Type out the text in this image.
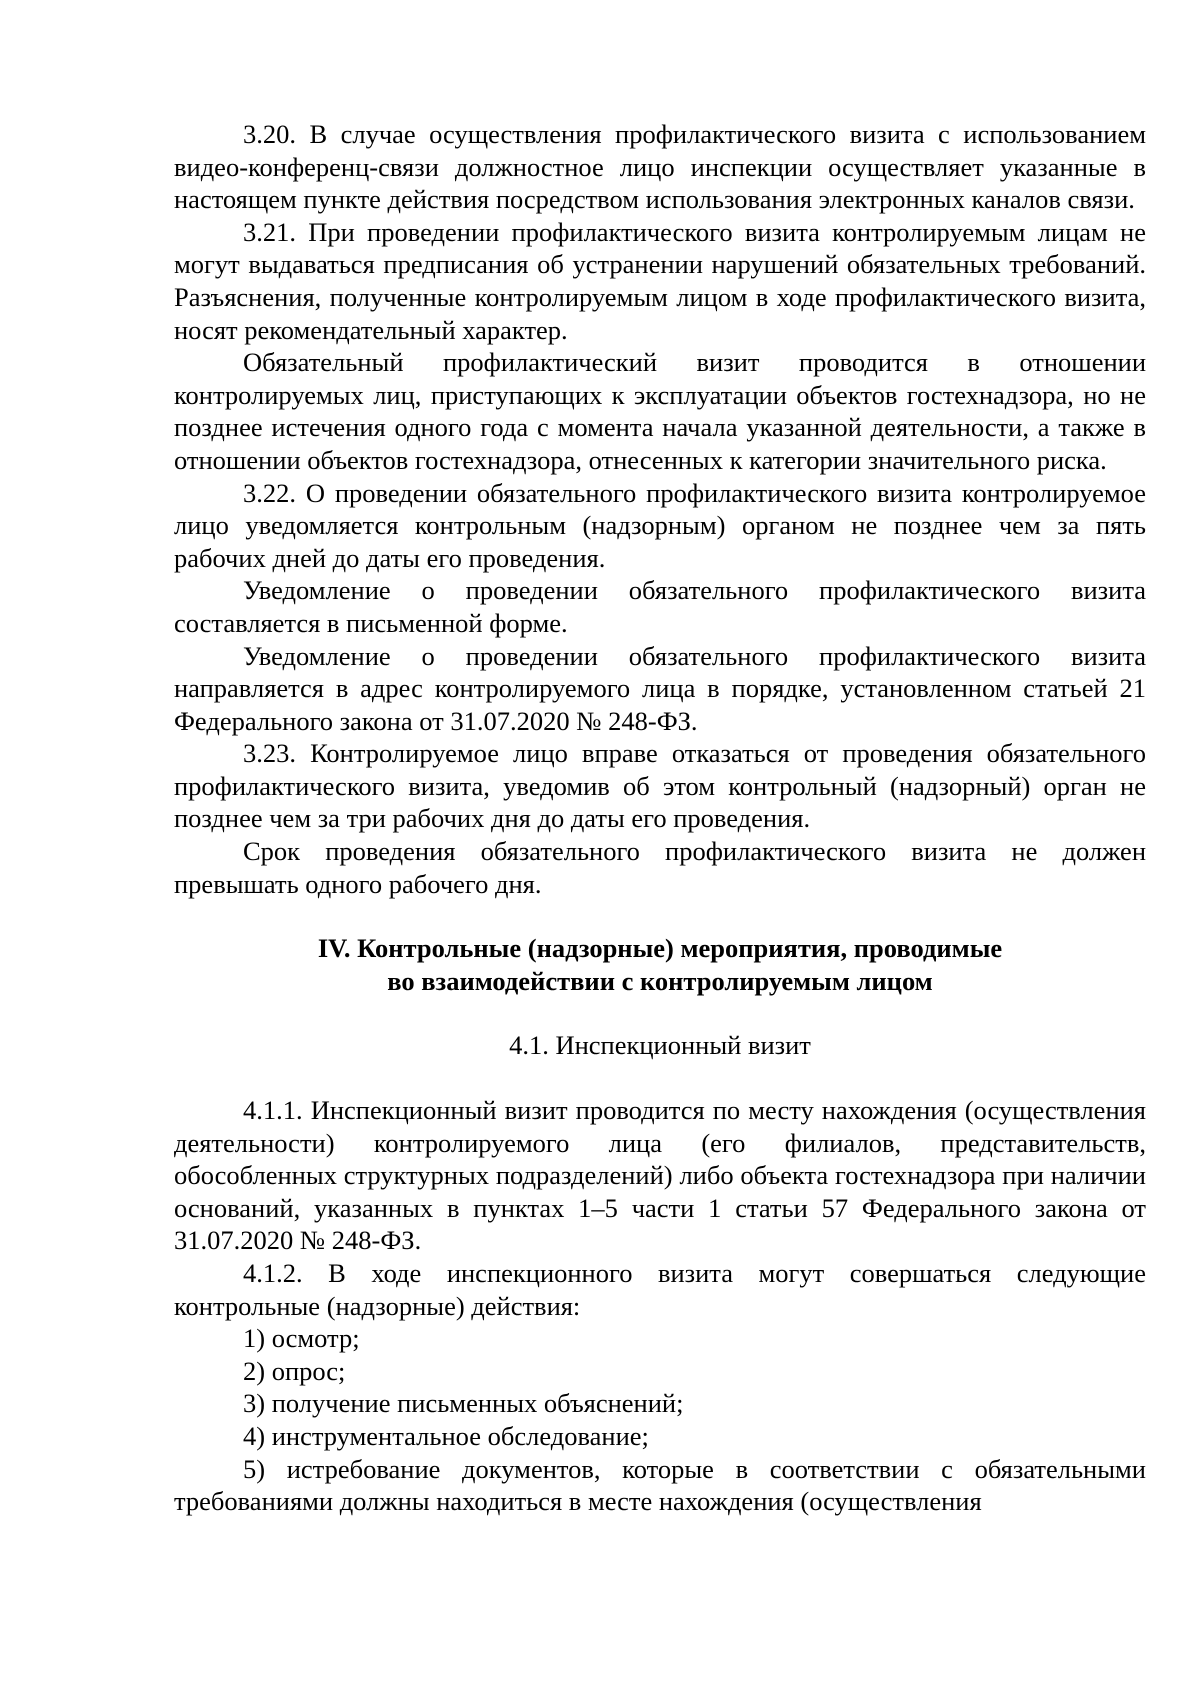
3.20. В случае осуществления профилактического визита с использованием видео-конференц-связи должностное лицо инспекции осуществляет указанные в настоящем пункте действия посредством использования электронных каналов связи.

3.21. При проведении профилактического визита контролируемым лицам не могут выдаваться предписания об устранении нарушений обязательных требований. Разъяснения, полученные контролируемым лицом в ходе профилактического визита, носят рекомендательный характер.

Обязательный профилактический визит проводится в отношении контролируемых лиц, приступающих к эксплуатации объектов гостехнадзора, но не позднее истечения одного года с момента начала указанной деятельности, а также в отношении объектов гостехнадзора, отнесенных к категории значительного риска.

3.22. О проведении обязательного профилактического визита контролируемое лицо уведомляется контрольным (надзорным) органом не позднее чем за пять рабочих дней до даты его проведения.

Уведомление о проведении обязательного профилактического визита составляется в письменной форме.

Уведомление о проведении обязательного профилактического визита направляется в адрес контролируемого лица в порядке, установленном статьей 21 Федерального закона от 31.07.2020 № 248-ФЗ.

3.23. Контролируемое лицо вправе отказаться от проведения обязательного профилактического визита, уведомив об этом контрольный (надзорный) орган не позднее чем за три рабочих дня до даты его проведения.

Срок проведения обязательного профилактического визита не должен превышать одного рабочего дня.

IV. Контрольные (надзорные) мероприятия, проводимые

во взаимодействии с контролируемым лицом

4.1. Инспекционный визит

4.1.1. Инспекционный визит проводится по месту нахождения (осуществления деятельности) контролируемого лица (его филиалов, представительств, обособленных структурных подразделений) либо объекта гостехнадзора при наличии оснований, указанных в пунктах 1–5 части 1 статьи 57 Федерального закона от 31.07.2020 № 248-ФЗ.

4.1.2. В ходе инспекционного визита могут совершаться следующие контрольные (надзорные) действия:

1) осмотр;

2) опрос;

3) получение письменных объяснений;

4) инструментальное обследование;

5) истребование документов, которые в соответствии с обязательными требованиями должны находиться в месте нахождения (осуществления
